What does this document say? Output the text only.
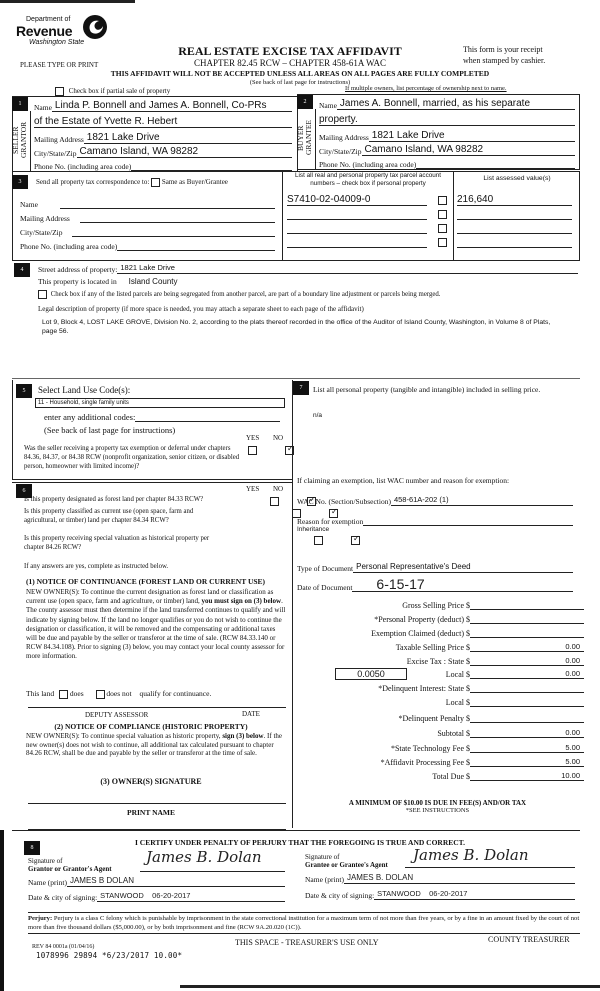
Department of
Revenue
Washington State
REAL ESTATE EXCISE TAX AFFIDAVIT
CHAPTER 82.45 RCW – CHAPTER 458-61A WAC
This form is your receipt
when stamped by cashier.
PLEASE TYPE OR PRINT
THIS AFFIDAVIT WILL NOT BE ACCEPTED UNLESS ALL AREAS ON ALL PAGES ARE FULLY COMPLETED
(See back of last page for instructions)
Check box if partial sale of property	If multiple owners, list percentage of ownership next to name.
1	2
SELLER
GRANTOR	BUYER
GRANTEE
Name Linda P. Bonnell and James A. Bonnell, Co-PRs
of the Estate of Yvette R. Hebert
Mailing Address 1821 Lake Drive
City/State/Zip Camano Island, WA 98282
Phone No. (including area code)
Name James A. Bonnell, married, as his separate
property.
Mailing Address 1821 Lake Drive
City/State/Zip Camano Island, WA 98282
Phone No. (including area code)
3	Send all property tax correspondence to: Same as Buyer/Grantee
Name
Mailing Address
City/State/Zip
Phone No. (including area code)
List all real and personal property tax parcel account numbers – check box if personal property
List assessed value(s)
S7410-02-04009-0	216,640
4	Street address of property: 1821 Lake Drive
This property is located in Island County
Check box if any of the listed parcels are being segregated from another parcel, are part of a boundary line adjustment or parcels being merged.
Legal description of property (if more space is needed, you may attach a separate sheet to each page of the affidavit)
Lot 9, Block 4, LOST LAKE GROVE, Division No. 2, according to the plats thereof recorded in the office of the Auditor of Island County, Washington, in Volume 8 of Plats, page 56.
5	Select Land Use Code(s):
11 - Household, single family units
enter any additional codes:
(See back of last page for instructions)
YES NO
Was the seller receiving a property tax exemption or deferral under chapters 84.36, 84.37, or 84.38 RCW (nonprofit organization, senior citizen, or disabled person, homeowner with limited income)?
✓
6	YES NO
Is this property designated as forest land per chapter 84.33 RCW?
✓
Is this property classified as current use (open space, farm and agricultural, or timber) land per chapter 84.34 RCW?
✓
Is this property receiving special valuation as historical property per chapter 84.26 RCW?
✓
If any answers are yes, complete as instructed below.
(1) NOTICE OF CONTINUANCE (FOREST LAND OR CURRENT USE)
NEW OWNER(S): To continue the current designation as forest land or classification as current use (open space, farm and agriculture, or timber) land, you must sign on (3) below. The county assessor must then determine if the land transferred continues to qualify and will indicate by signing below. If the land no longer qualifies or you do not wish to continue the designation or classification, it will be removed and the compensating or additional taxes will be due and payable by the seller or transferor at the time of sale. (RCW 84.33.140 or RCW 84.34.108). Prior to signing (3) below, you may contact your local county assessor for more information.
This land does	does not qualify for continuance.
DEPUTY ASSESSOR	DATE
(2) NOTICE OF COMPLIANCE (HISTORIC PROPERTY)
NEW OWNER(S): To continue special valuation as historic property, sign (3) below. If the new owner(s) does not wish to continue, all additional tax calculated pursuant to chapter 84.26 RCW, shall be due and payable by the seller or transferor at the time of sale.
(3) OWNER(S) SIGNATURE
PRINT NAME
7	List all personal property (tangible and intangible) included in selling price.
n/a
If claiming an exemption, list WAC number and reason for exemption:
WAC No. (Section/Subsection) 458-61A-202 (1)
Reason for exemption
Inheritance
Type of Document Personal Representative's Deed
Date of Document	6-15-17
Gross Selling Price $
*Personal Property (deduct) $
Exemption Claimed (deduct) $
Taxable Selling Price $	0.00
Excise Tax : State $	0.00
0.0050	Local $	0.00
*Delinquent Interest: State $
Local $
*Delinquent Penalty $
Subtotal $	0.00
*State Technology Fee $	5.00
*Affidavit Processing Fee $	5.00
Total Due $	10.00
A MINIMUM OF $10.00 IS DUE IN FEE(S) AND/OR TAX
*SEE INSTRUCTIONS
8
I CERTIFY UNDER PENALTY OF PERJURY THAT THE FOREGOING IS TRUE AND CORRECT.
Signature of
Grantor or Grantor's Agent
James B. Dolan
Name (print) JAMES B DOLAN
Date & city of signing: STANWOOD    06-20-2017
Signature of
Grantee or Grantee's Agent
James B. Dolan
Name (print) JAMES B. DOLAN
Date & city of signing: STANWOOD    06-20-2017
Perjury: Perjury is a class C felony which is punishable by imprisonment in the state correctional institution for a maximum term of not more than five years, or by a fine in an amount fixed by the court of not more than five thousand dollars ($5,000.00), or by both imprisonment and fine (RCW 9A.20.020 (1C)).
REV 84 0001a (01/04/16)	THIS SPACE - TREASURER'S USE ONLY	COUNTY TREASURER
1078996 29894 *6/23/2017 10.00*
